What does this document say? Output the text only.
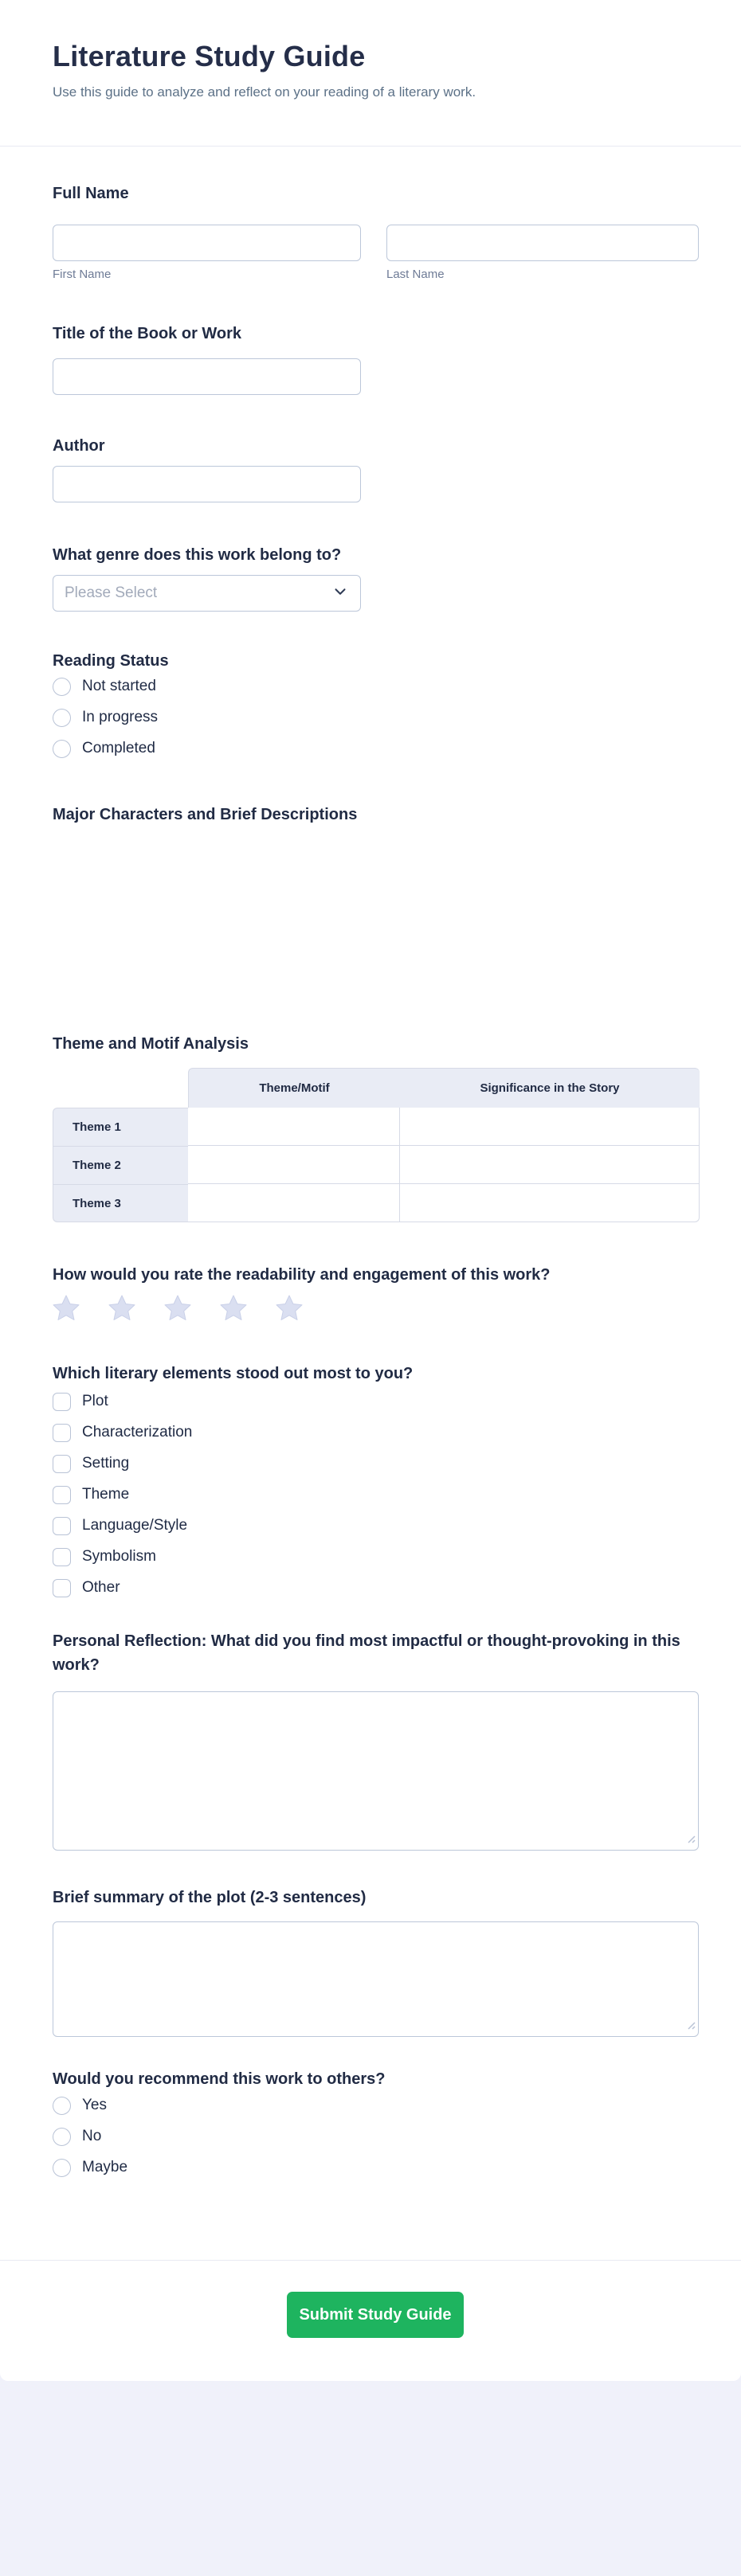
Literature Study Guide

Use this guide to analyze and reflect on your reading of a literary work.

Full Name
First Name	Last Name
Title of the Book or Work
Author
What genre does this work belong to?
Please Select
Reading Status
Not started
In progress
Completed
Major Characters and Brief Descriptions
Theme and Motif Analysis
Theme/Motif	Significance in the Story
Theme 1
Theme 2
Theme 3
How would you rate the readability and engagement of this work?
Which literary elements stood out most to you?
Plot
Characterization
Setting
Theme
Language/Style
Symbolism
Other
Personal Reflection: What did you find most impactful or thought-provoking in this work?
Brief summary of the plot (2-3 sentences)
Would you recommend this work to others?
Yes
No
Maybe
Submit Study Guide
